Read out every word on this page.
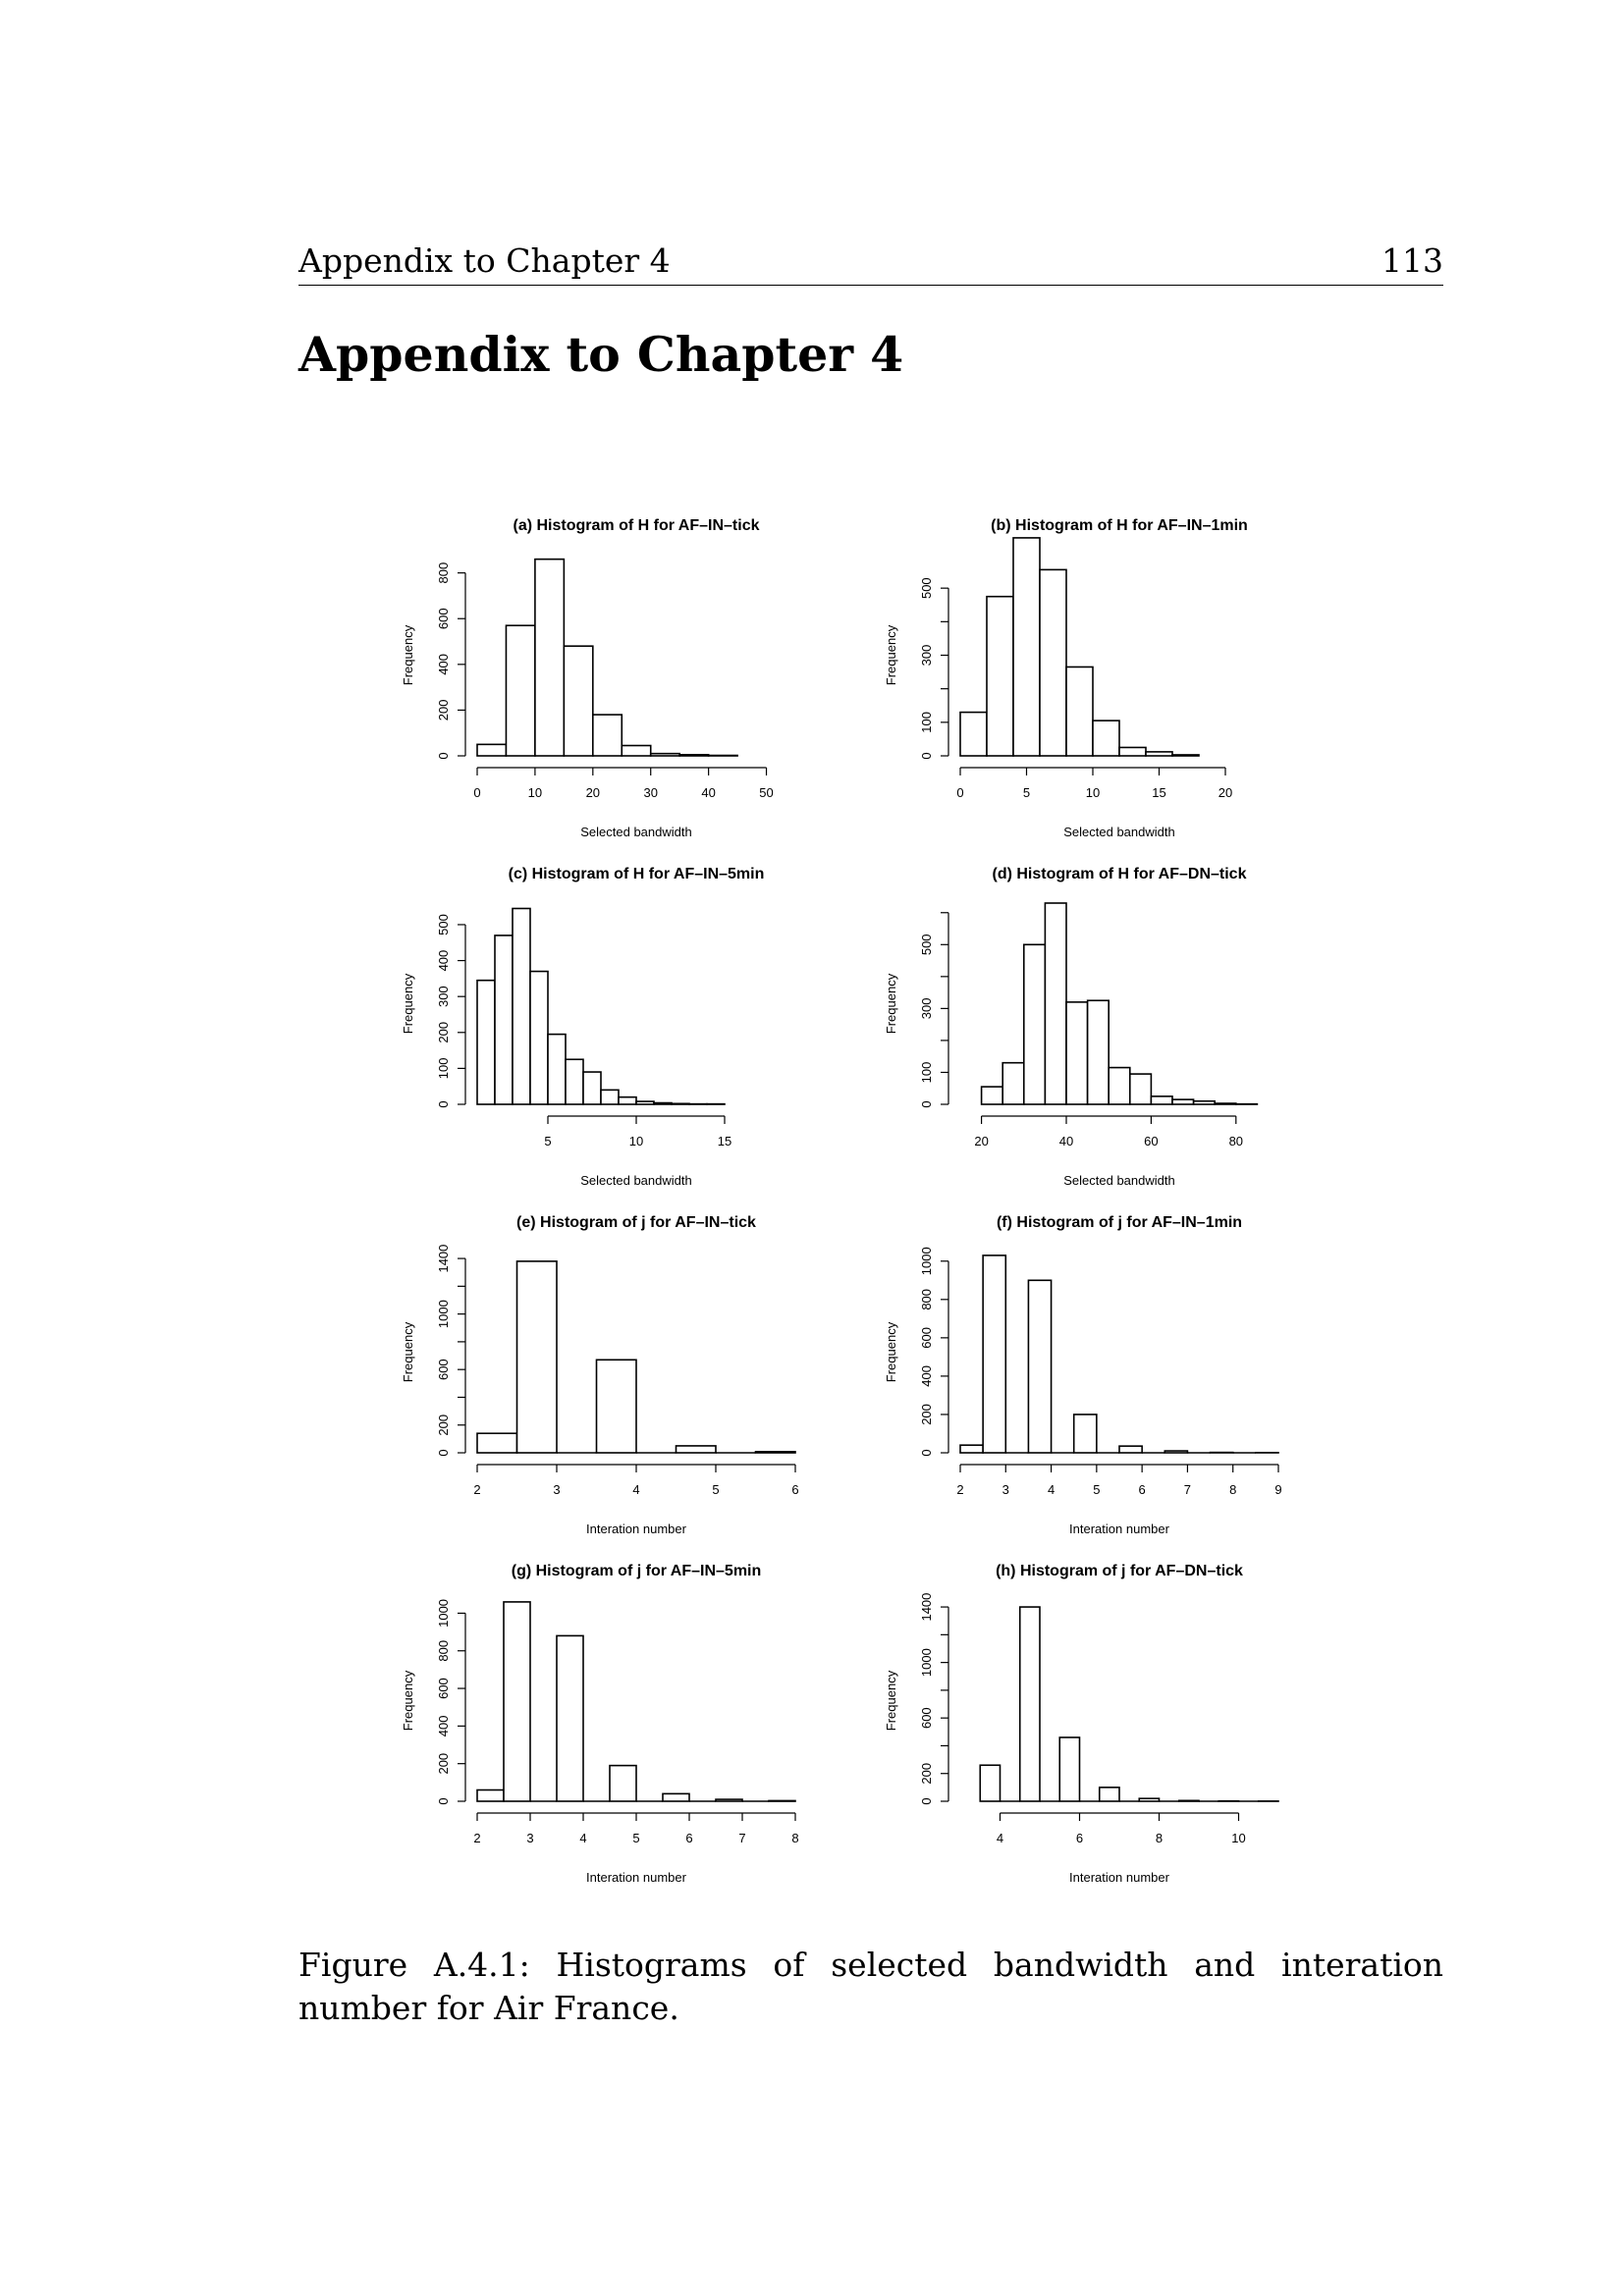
Appendix to Chapter 4	113
Appendix to Chapter 4
(a) Histogram of H for AF–IN–tick
0	10	20	30	40	50
Selected bandwidth
0
200
400
600
800
Frequency
(b) Histogram of H for AF–IN–1min
0	5	10	15	20
Selected bandwidth
0
100
300
500
Frequency
(c) Histogram of H for AF–IN–5min
5	10	15
Selected bandwidth
0
100
200
300
400
500
Frequency
(d) Histogram of H for AF–DN–tick
20	40	60	80
Selected bandwidth
0
100
300
500
Frequency
(e) Histogram of j for AF–IN–tick
2	3	4	5	6
Interation number
0
200
600
1000
1400
Frequency
(f) Histogram of j for AF–IN–1min
2	3	4	5	6	7	8	9
Interation number
0
200
400
600
800
1000
Frequency
(g) Histogram of j for AF–IN–5min
2	3	4	5	6	7	8
Interation number
0
200
400
600
800
1000
Frequency
(h) Histogram of j for AF–DN–tick
4	6	8	10
Interation number
0
200
600
1000
1400
Frequency
Figure A.4.1: Histograms of selected bandwidth and interation number for Air France.
